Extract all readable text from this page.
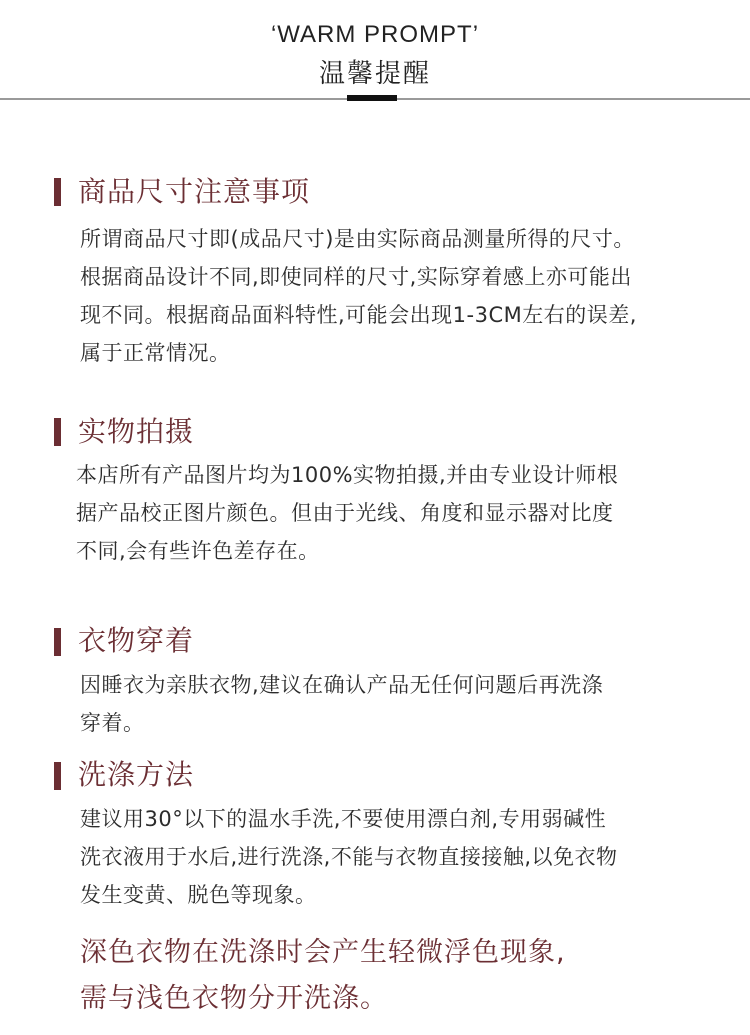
‘WARM PROMPT’
温馨提醒
商品尺寸注意事项
所谓商品尺寸即(成品尺寸)是由实际商品测量所得的尺寸。
根据商品设计不同,即使同样的尺寸,实际穿着感上亦可能出
现不同。根据商品面料特性,可能会出现1-3CM左右的误差,
属于正常情况。
实物拍摄
本店所有产品图片均为100%实物拍摄,并由专业设计师根
据产品校正图片颜色。但由于光线、角度和显示器对比度
不同,会有些许色差存在。
衣物穿着
因睡衣为亲肤衣物,建议在确认产品无任何问题后再洗涤
穿着。
洗涤方法
建议用30°以下的温水手洗,不要使用漂白剂,专用弱碱性
洗衣液用于水后,进行洗涤,不能与衣物直接接触,以免衣物
发生变黄、脱色等现象。
深色衣物在洗涤时会产生轻微浮色现象,
需与浅色衣物分开洗涤。
